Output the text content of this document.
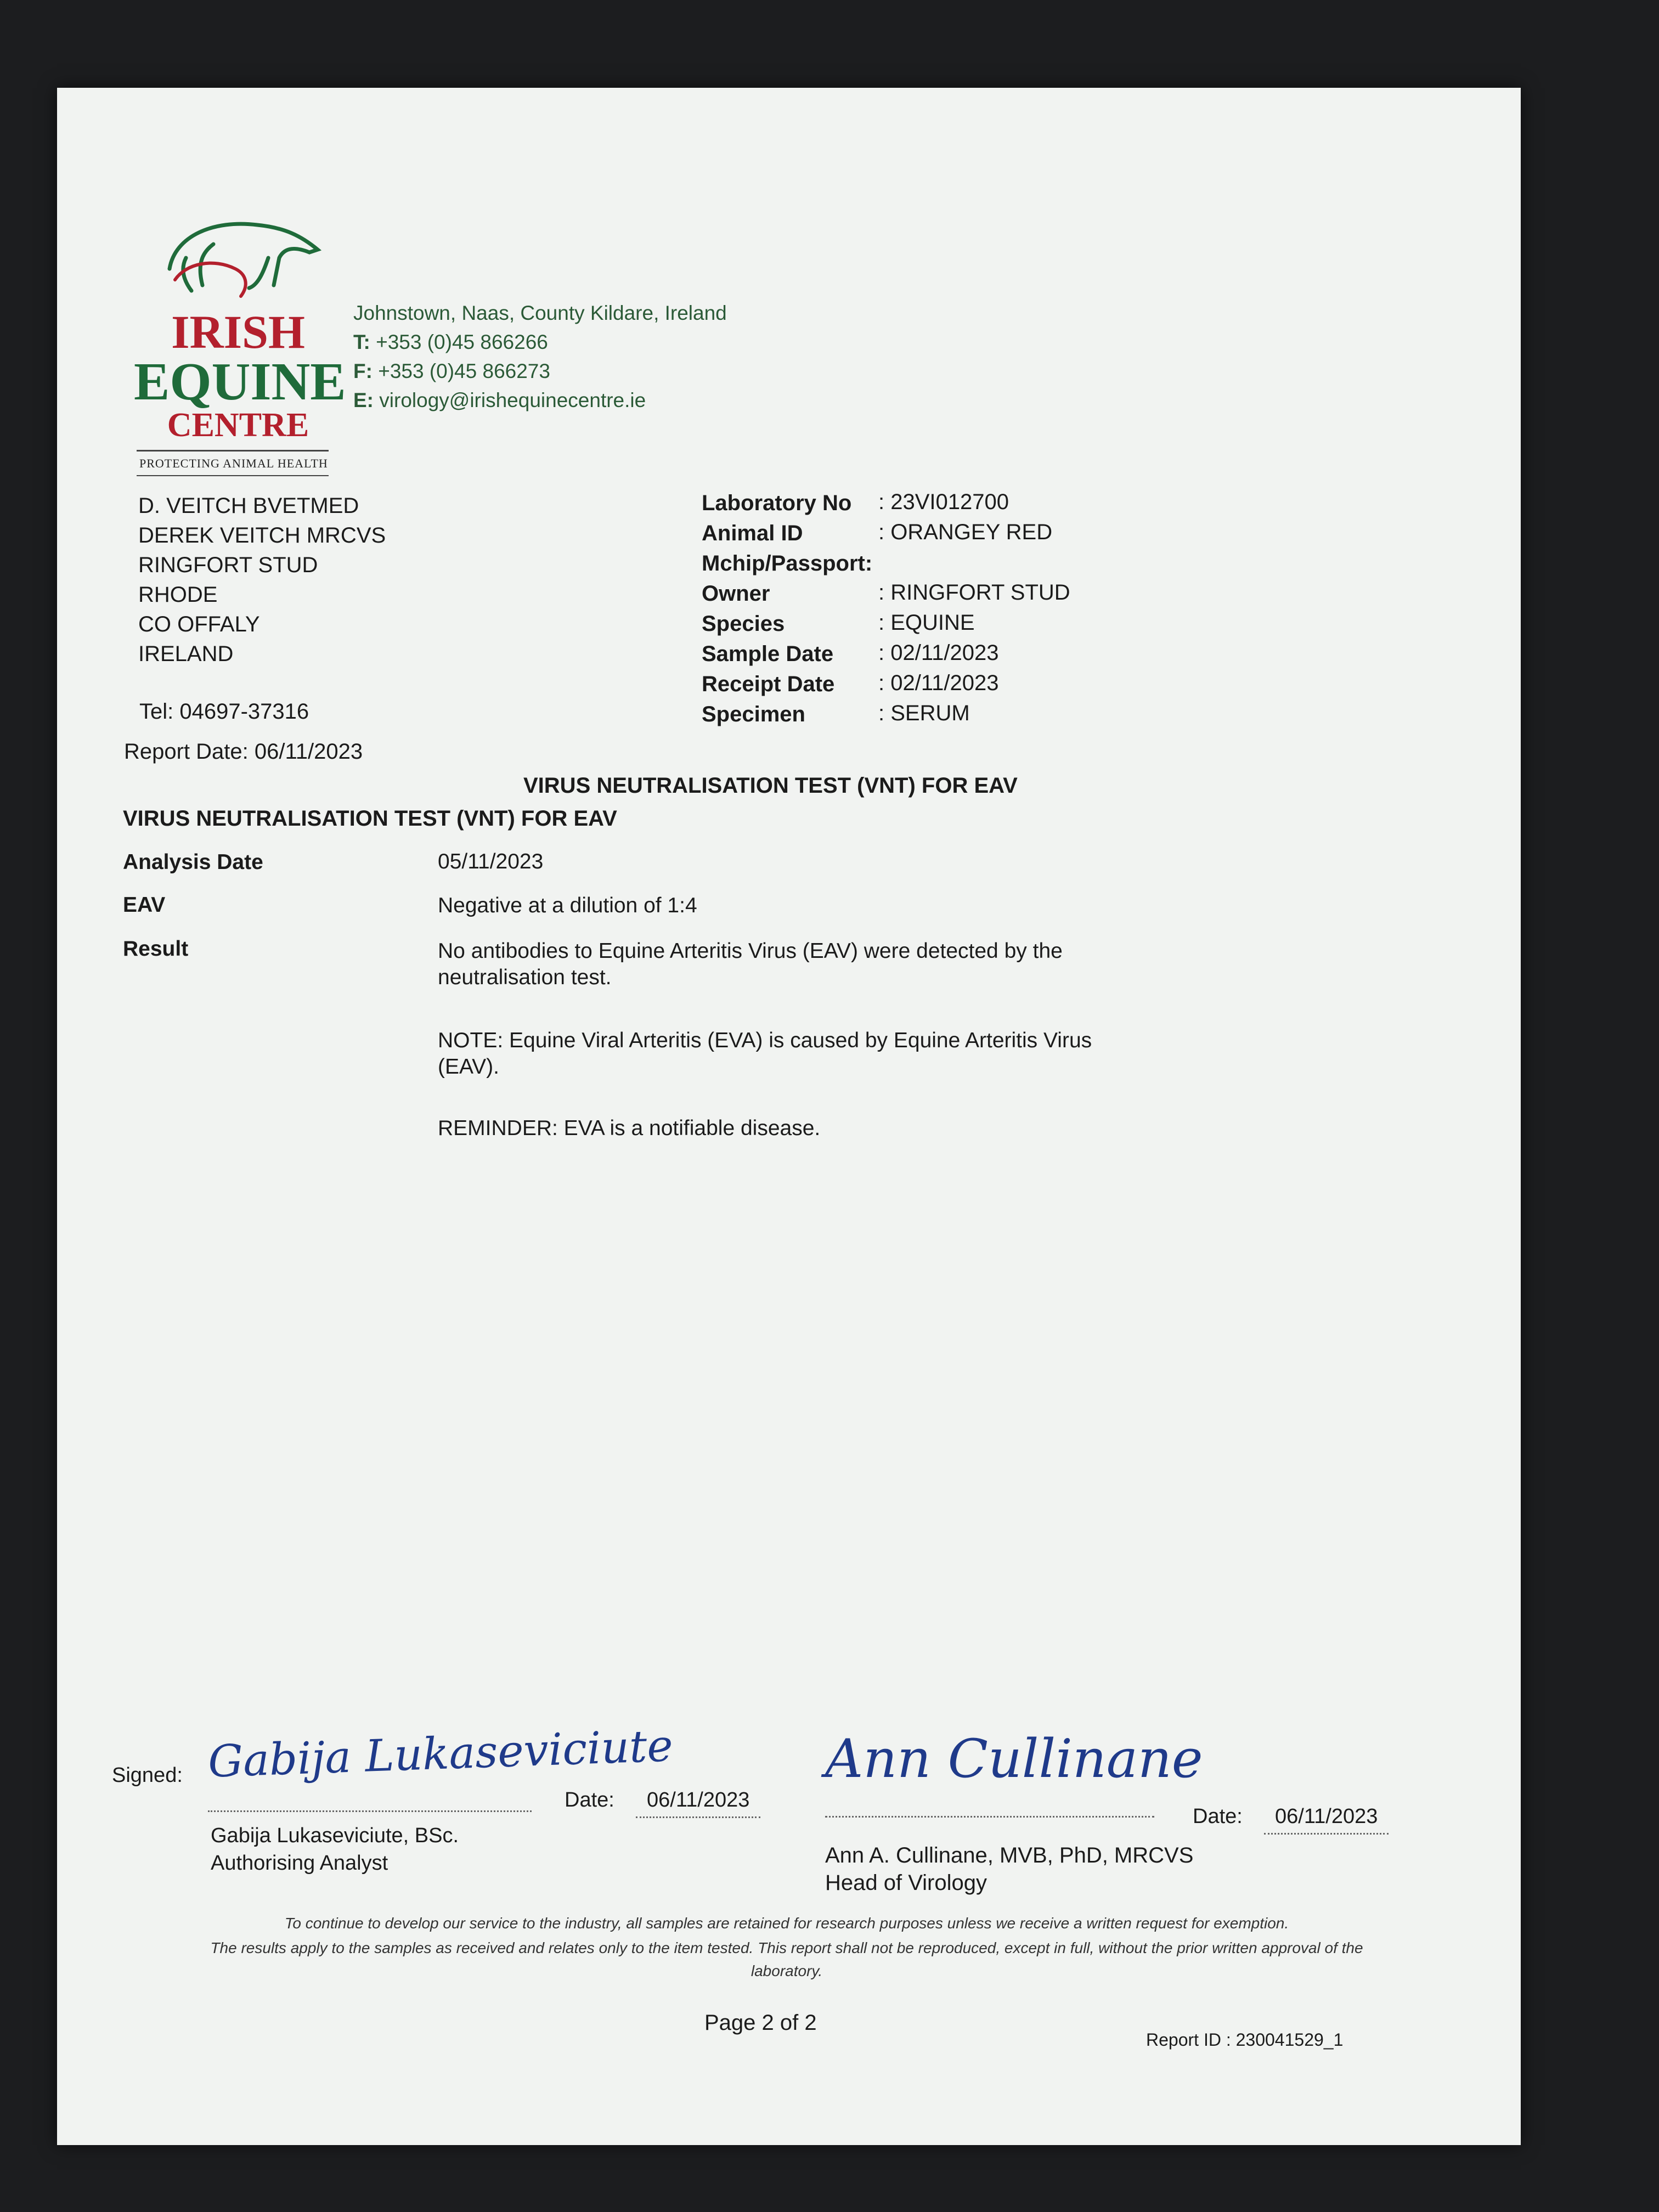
IRISH
EQUINE
CENTRE
PROTECTING ANIMAL HEALTH
Johnstown, Naas, County Kildare, Ireland
T: +353 (0)45 866266
F: +353 (0)45 866273
E: virology@irishequinecentre.ie
D. VEITCH BVETMED
DEREK VEITCH MRCVS
RINGFORT STUD
RHODE
CO OFFALY
IRELAND
Tel: 04697-37316
Report Date: 06/11/2023
Laboratory No : 23VI012700
Animal ID	: ORANGEY RED
Mchip/Passport:
Owner	: RINGFORT STUD
Species	: EQUINE
Sample Date : 02/11/2023
Receipt Date : 02/11/2023
Specimen	: SERUM
VIRUS NEUTRALISATION TEST (VNT) FOR EAV
VIRUS NEUTRALISATION TEST (VNT) FOR EAV
Analysis Date	05/11/2023
EAV	Negative at a dilution of 1:4
Result	No antibodies to Equine Arteritis Virus (EAV) were detected by the neutralisation test.
NOTE: Equine Viral Arteritis (EVA) is caused by Equine Arteritis Virus (EAV).
REMINDER: EVA is a notifiable disease.
Signed: Gabija Lukaseviciute
Date:	06/11/2023
Gabija Lukaseviciute, BSc.
Authorising Analyst
Ann Cullinane
Date:	06/11/2023
Ann A. Cullinane, MVB, PhD, MRCVS
Head of Virology
To continue to develop our service to the industry, all samples are retained for research purposes unless we receive a written request for exemption.
The results apply to the samples as received and relates only to the item tested. This report shall not be reproduced, except in full, without the prior written approval of the laboratory.
Page 2 of 2
Report ID : 230041529_1
